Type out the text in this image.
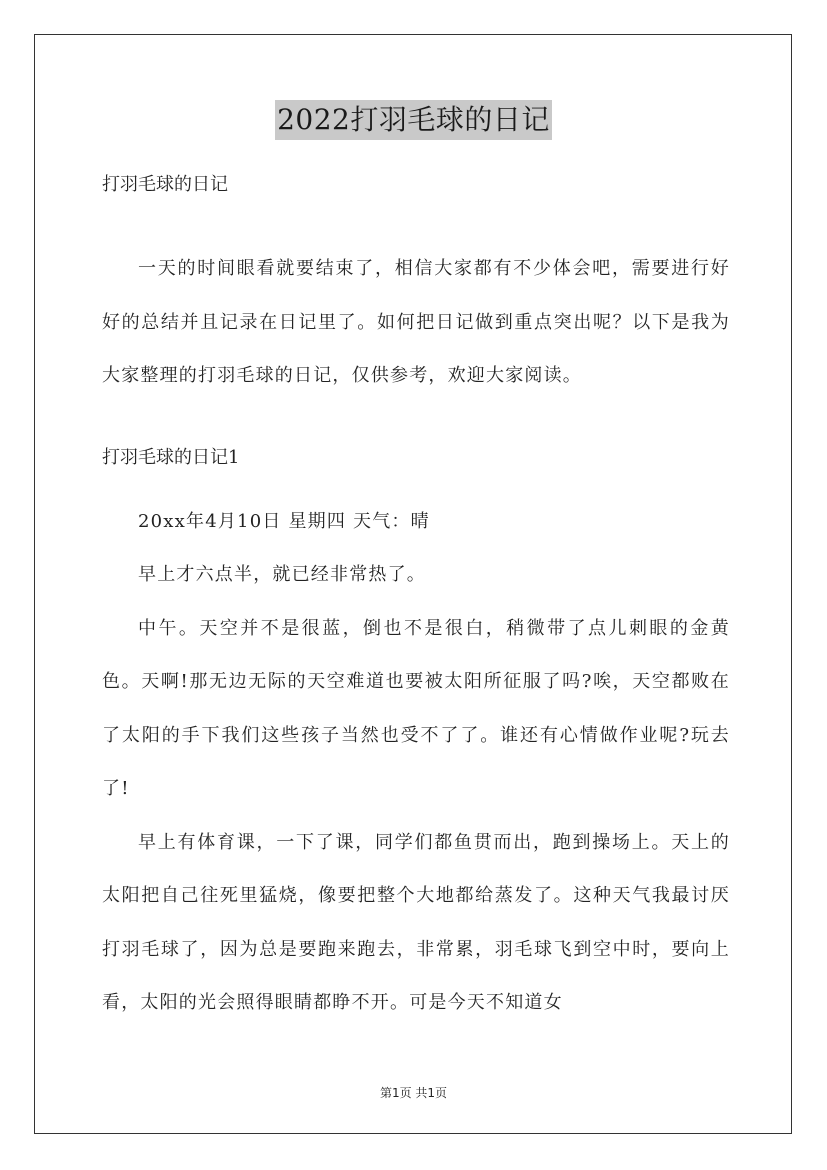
2022打羽毛球的日记

打羽毛球的日记

一天的时间眼看就要结束了，相信大家都有不少体会吧，需要进行好好的总结并且记录在日记里了。如何把日记做到重点突出呢？以下是我为大家整理的打羽毛球的日记，仅供参考，欢迎大家阅读。

打羽毛球的日记1

20xx年4月10日 星期四 天气：晴

早上才六点半，就已经非常热了。

中午。天空并不是很蓝，倒也不是很白，稍微带了点儿刺眼的金黄色。天啊!那无边无际的天空难道也要被太阳所征服了吗?唉，天空都败在了太阳的手下我们这些孩子当然也受不了了。谁还有心情做作业呢?玩去了!

早上有体育课，一下了课，同学们都鱼贯而出，跑到操场上。天上的太阳把自己往死里猛烧，像要把整个大地都给蒸发了。这种天气我最讨厌打羽毛球了，因为总是要跑来跑去，非常累，羽毛球飞到空中时，要向上看，太阳的光会照得眼睛都睁不开。可是今天不知道女

第1页 共1页
